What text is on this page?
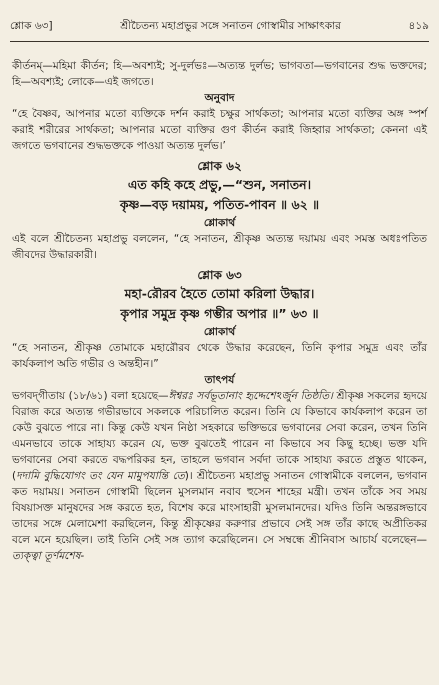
শ্লোক ৬৩]	শ্রীচৈতন্য মহাপ্রভুর সঙ্গে সনাতন গোস্বামীর সাক্ষাৎকার	৪১৯

কীর্তনম্—মহিমা কীর্তন; হি—অবশ্যই; সু-দুর্লভঃ—অত্যন্ত দুর্লভ; ভাগবতা—ভগবানের শুদ্ধ ভক্তদের; হি—অবশ্যই; লোকে—এই জগতে।

অনুবাদ

“হে বৈষ্ণব, আপনার মতো ব্যক্তিকে দর্শন করাই চক্ষুর সার্থকতা; আপনার মতো ব্যক্তির অঙ্গ স্পর্শ করাই শরীরের সার্থকতা; আপনার মতো ব্যক্তির গুণ কীর্তন করাই জিহ্বার সার্থকতা; কেননা এই জগতে ভগবানের শুদ্ধভক্তকে পাওয়া অত্যন্ত দুর্লভ।’

শ্লোক ৬২
এত কহি কহে প্রভু,—“শুন, সনাতন।
কৃষ্ণ—বড় দয়াময়, পতিত-পাবন ॥ ৬২ ॥
শ্লোকার্থ

এই বলে শ্রীচৈতন্য মহাপ্রভু বললেন, “হে সনাতন, শ্রীকৃষ্ণ অত্যন্ত দয়াময় এবং সমস্ত অধঃপতিত জীবদের উদ্ধারকারী।

শ্লোক ৬৩
মহা-রৌরব হৈতে তোমা করিলা উদ্ধার।
কৃপার সমুদ্র কৃষ্ণ গম্ভীর অপার ॥” ৬৩ ॥
শ্লোকার্থ

“হে সনাতন, শ্রীকৃষ্ণ তোমাকে মহারৌরব থেকে উদ্ধার করেছেন, তিনি কৃপার সমুদ্র এবং তাঁর কার্যকলাপ অতি গভীর ও অন্তহীন।”

তাৎপর্য

ভগবদ্‌গীতায় (১৮/৬১) বলা হয়েছে—ঈশ্বরঃ সর্বভূতানাং হৃদ্দেশেঽর্জুন তিষ্ঠতি। শ্রীকৃষ্ণ সকলের হৃদয়ে বিরাজ করে অত্যন্ত গভীরভাবে সকলকে পরিচালিত করেন। তিনি যে কিভাবে কার্যকলাপ করেন তা কেউ বুঝতে পারে না। কিন্তু কেউ যখন নিষ্ঠা সহকারে ভক্তিভরে ভগবানের সেবা করেন, তখন তিনি এমনভাবে তাকে সাহায্য করেন যে, ভক্ত বুঝতেই পারেন না কিভাবে সব কিছু হচ্ছে। ভক্ত যদি ভগবানের সেবা করতে বদ্ধপরিকর হন, তাহলে ভগবান সর্বদা তাকে সাহায্য করতে প্রস্তুত থাকেন, (দদামি বুদ্ধিযোগং তং যেন মামুপযান্তি তে)। শ্রীচৈতন্য মহাপ্রভু সনাতন গোস্বামীকে বললেন, ভগবান কত দয়াময়। সনাতন গোস্বামী ছিলেন মুসলমান নবাব হুসেন শাহের মন্ত্রী। তখন তাঁকে সব সময় বিষয়াসক্ত মানুষদের সঙ্গ করতে হত, বিশেষ করে মাংসাহারী মুসলমানদের। যদিও তিনি অন্তরঙ্গভাবে তাদের সঙ্গে মেলামেশা করছিলেন, কিন্তু শ্রীকৃষ্ণের করুণার প্রভাবে সেই সঙ্গ তাঁর কাছে অপ্রীতিকর বলে মনে হয়েছিল। তাই তিনি সেই সঙ্গ ত্যাগ করেছিলেন। সে সম্বন্ধে শ্রীনিবাস আচার্য বলেছেন—ত্যক্ত্বা তূর্ণমশেষ-
